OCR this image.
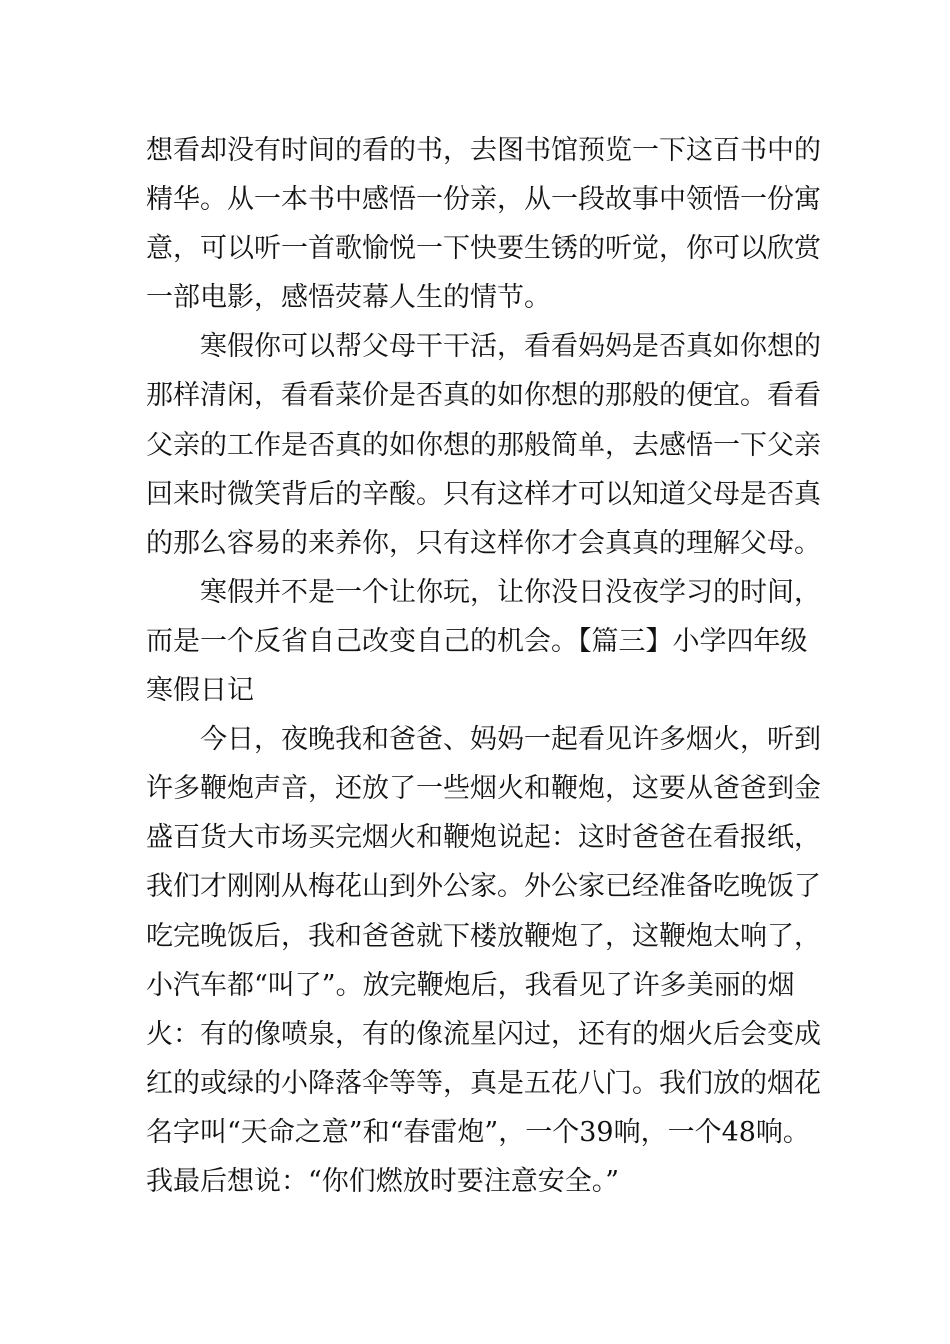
想看却没有时间的看的书，去图书馆预览一下这百书中的
精华。从一本书中感悟一份亲，从一段故事中领悟一份寓
意，可以听一首歌愉悦一下快要生锈的听觉，你可以欣赏
一部电影，感悟荧幕人生的情节。
寒假你可以帮父母干干活，看看妈妈是否真如你想的
那样清闲，看看菜价是否真的如你想的那般的便宜。看看
父亲的工作是否真的如你想的那般简单，去感悟一下父亲
回来时微笑背后的辛酸。只有这样才可以知道父母是否真
的那么容易的来养你，只有这样你才会真真的理解父母。
寒假并不是一个让你玩，让你没日没夜学习的时间，
而是一个反省自己改变自己的机会。【篇三】小学四年级
寒假日记
今日，夜晚我和爸爸、妈妈一起看见许多烟火，听到
许多鞭炮声音，还放了一些烟火和鞭炮，这要从爸爸到金
盛百货大市场买完烟火和鞭炮说起：这时爸爸在看报纸，
我们才刚刚从梅花山到外公家。外公家已经准备吃晚饭了
吃完晚饭后，我和爸爸就下楼放鞭炮了，这鞭炮太响了，
小汽车都“叫了”。放完鞭炮后，我看见了许多美丽的烟
火：有的像喷泉，有的像流星闪过，还有的烟火后会变成
红的或绿的小降落伞等等，真是五花八门。我们放的烟花
名字叫“天命之意”和“春雷炮”，一个39响，一个48响。
我最后想说：“你们燃放时要注意安全。”
